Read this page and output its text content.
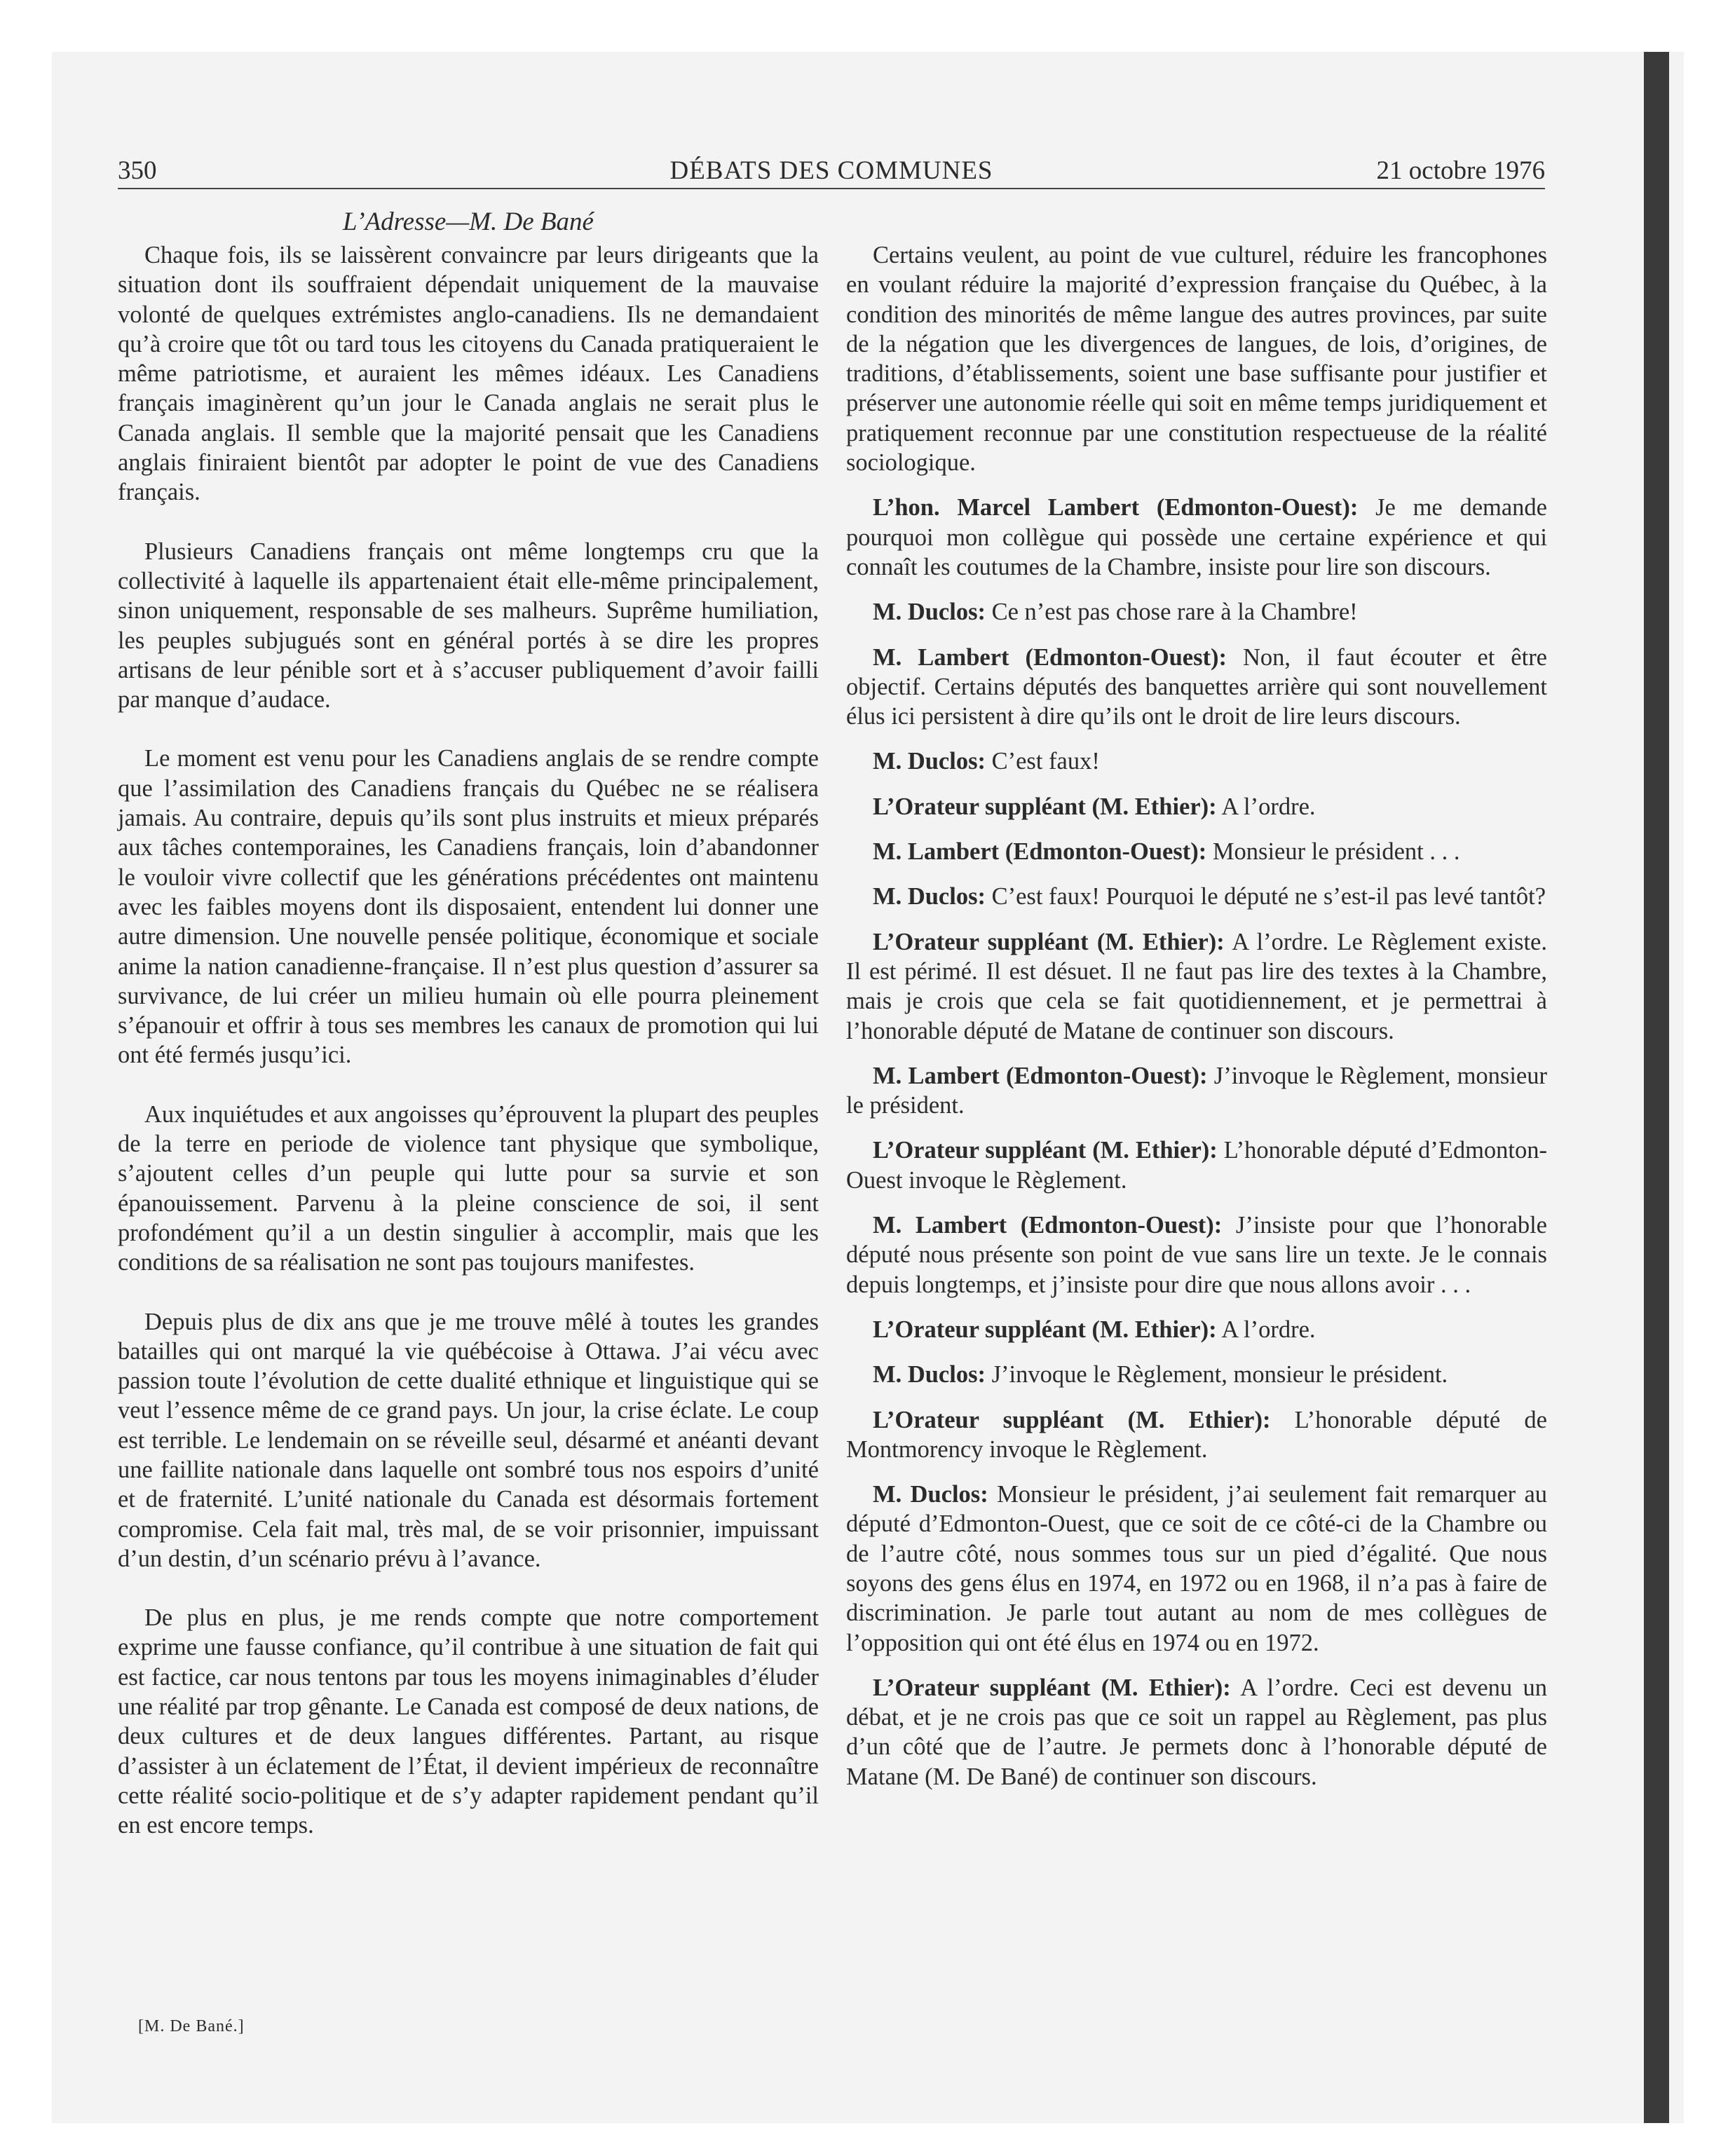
350	DÉBATS DES COMMUNES	21 octobre 1976
L’Adresse—M. De Bané

Chaque fois, ils se laissèrent convaincre par leurs dirigeants que la situation dont ils souffraient dépendait uniquement de la mauvaise volonté de quelques extrémistes anglo-canadiens. Ils ne demandaient qu’à croire que tôt ou tard tous les citoyens du Canada pratiqueraient le même patriotisme, et auraient les mêmes idéaux. Les Canadiens français imaginèrent qu’un jour le Canada anglais ne serait plus le Canada anglais. Il semble que la majorité pensait que les Canadiens anglais finiraient bientôt par adopter le point de vue des Canadiens français.

Plusieurs Canadiens français ont même longtemps cru que la collectivité à laquelle ils appartenaient était elle-même principalement, sinon uniquement, responsable de ses malheurs. Suprême humiliation, les peuples subjugués sont en général portés à se dire les propres artisans de leur pénible sort et à s’accuser publiquement d’avoir failli par manque d’audace.

Le moment est venu pour les Canadiens anglais de se rendre compte que l’assimilation des Canadiens français du Québec ne se réalisera jamais. Au contraire, depuis qu’ils sont plus instruits et mieux préparés aux tâches contemporaines, les Canadiens français, loin d’abandonner le vouloir vivre collectif que les générations précédentes ont maintenu avec les faibles moyens dont ils disposaient, entendent lui donner une autre dimension. Une nouvelle pensée politique, économique et sociale anime la nation canadienne-française. Il n’est plus question d’assurer sa survivance, de lui créer un milieu humain où elle pourra pleinement s’épanouir et offrir à tous ses membres les canaux de promotion qui lui ont été fermés jusqu’ici.

Aux inquiétudes et aux angoisses qu’éprouvent la plupart des peuples de la terre en periode de violence tant physique que symbolique, s’ajoutent celles d’un peuple qui lutte pour sa survie et son épanouissement. Parvenu à la pleine conscience de soi, il sent profondément qu’il a un destin singulier à accomplir, mais que les conditions de sa réalisation ne sont pas toujours manifestes.

Depuis plus de dix ans que je me trouve mêlé à toutes les grandes batailles qui ont marqué la vie québécoise à Ottawa. J’ai vécu avec passion toute l’évolution de cette dualité ethnique et linguistique qui se veut l’essence même de ce grand pays. Un jour, la crise éclate. Le coup est terrible. Le lendemain on se réveille seul, désarmé et anéanti devant une faillite nationale dans laquelle ont sombré tous nos espoirs d’unité et de fraternité. L’unité nationale du Canada est désormais fortement compromise. Cela fait mal, très mal, de se voir prisonnier, impuissant d’un destin, d’un scénario prévu à l’avance.

De plus en plus, je me rends compte que notre comportement exprime une fausse confiance, qu’il contribue à une situation de fait qui est factice, car nous tentons par tous les moyens inimaginables d’éluder une réalité par trop gênante. Le Canada est composé de deux nations, de deux cultures et de deux langues différentes. Partant, au risque d’assister à un éclatement de l’État, il devient impérieux de reconnaître cette réalité socio-politique et de s’y adapter rapidement pendant qu’il en est encore temps.

[M. De Bané.]

Certains veulent, au point de vue culturel, réduire les francophones en voulant réduire la majorité d’expression française du Québec, à la condition des minorités de même langue des autres provinces, par suite de la négation que les divergences de langues, de lois, d’origines, de traditions, d’établissements, soient une base suffisante pour justifier et préserver une autonomie réelle qui soit en même temps juridiquement et pratiquement reconnue par une constitution respectueuse de la réalité sociologique.

L’hon. Marcel Lambert (Edmonton-Ouest): Je me demande pourquoi mon collègue qui possède une certaine expérience et qui connaît les coutumes de la Chambre, insiste pour lire son discours.

M. Duclos: Ce n’est pas chose rare à la Chambre!

M. Lambert (Edmonton-Ouest): Non, il faut écouter et être objectif. Certains députés des banquettes arrière qui sont nouvellement élus ici persistent à dire qu’ils ont le droit de lire leurs discours.

M. Duclos: C’est faux!

L’Orateur suppléant (M. Ethier): A l’ordre.

M. Lambert (Edmonton-Ouest): Monsieur le président . . .

M. Duclos: C’est faux! Pourquoi le député ne s’est-il pas levé tantôt?

L’Orateur suppléant (M. Ethier): A l’ordre. Le Règlement existe. Il est périmé. Il est désuet. Il ne faut pas lire des textes à la Chambre, mais je crois que cela se fait quotidiennement, et je permettrai à l’honorable député de Matane de continuer son discours.

M. Lambert (Edmonton-Ouest): J’invoque le Règlement, monsieur le président.

L’Orateur suppléant (M. Ethier): L’honorable député d’Edmonton-Ouest invoque le Règlement.

M. Lambert (Edmonton-Ouest): J’insiste pour que l’honorable député nous présente son point de vue sans lire un texte. Je le connais depuis longtemps, et j’insiste pour dire que nous allons avoir . . .

L’Orateur suppléant (M. Ethier): A l’ordre.

M. Duclos: J’invoque le Règlement, monsieur le président.

L’Orateur suppléant (M. Ethier): L’honorable député de Montmorency invoque le Règlement.

M. Duclos: Monsieur le président, j’ai seulement fait remarquer au député d’Edmonton-Ouest, que ce soit de ce côté-ci de la Chambre ou de l’autre côté, nous sommes tous sur un pied d’égalité. Que nous soyons des gens élus en 1974, en 1972 ou en 1968, il n’a pas à faire de discrimination. Je parle tout autant au nom de mes collègues de l’opposition qui ont été élus en 1974 ou en 1972.

L’Orateur suppléant (M. Ethier): A l’ordre. Ceci est devenu un débat, et je ne crois pas que ce soit un rappel au Règlement, pas plus d’un côté que de l’autre. Je permets donc à l’honorable député de Matane (M. De Bané) de continuer son discours.
